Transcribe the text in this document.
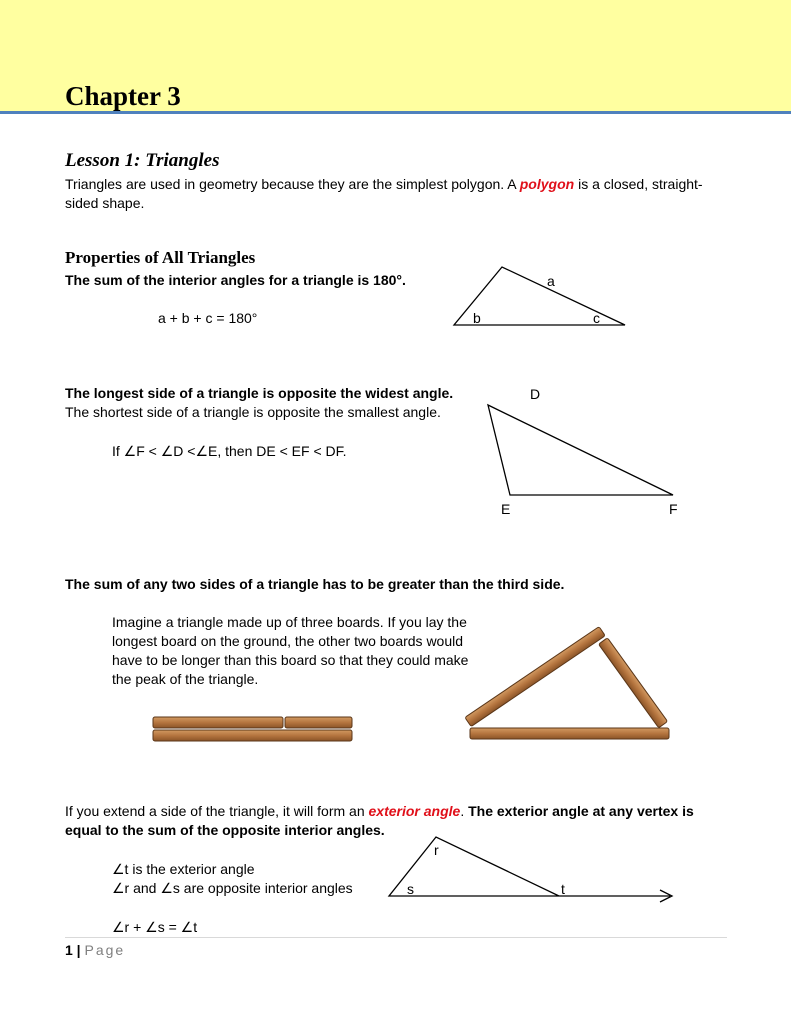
Chapter 3
Lesson 1: Triangles
Triangles are used in geometry because they are the simplest polygon. A polygon is a closed, straight-
sided shape.
Properties of All Triangles
The sum of the interior angles for a triangle is 180°.
a + b + c = 180°
a
b	c
The longest side of a triangle is opposite the widest angle.
The shortest side of a triangle is opposite the smallest angle.
If ∠F < ∠D <∠E, then DE < EF < DF.
D
E	F
The sum of any two sides of a triangle has to be greater than the third side.
Imagine a triangle made up of three boards. If you lay the
longest board on the ground, the other two boards would
have to be longer than this board so that they could make
the peak of the triangle.
If you extend a side of the triangle, it will form an exterior angle. The exterior angle at any vertex is
equal to the sum of the opposite interior angles.
∠t is the exterior angle
∠r and ∠s are opposite interior angles
∠r + ∠s = ∠t
r
s	t
1 | Page
